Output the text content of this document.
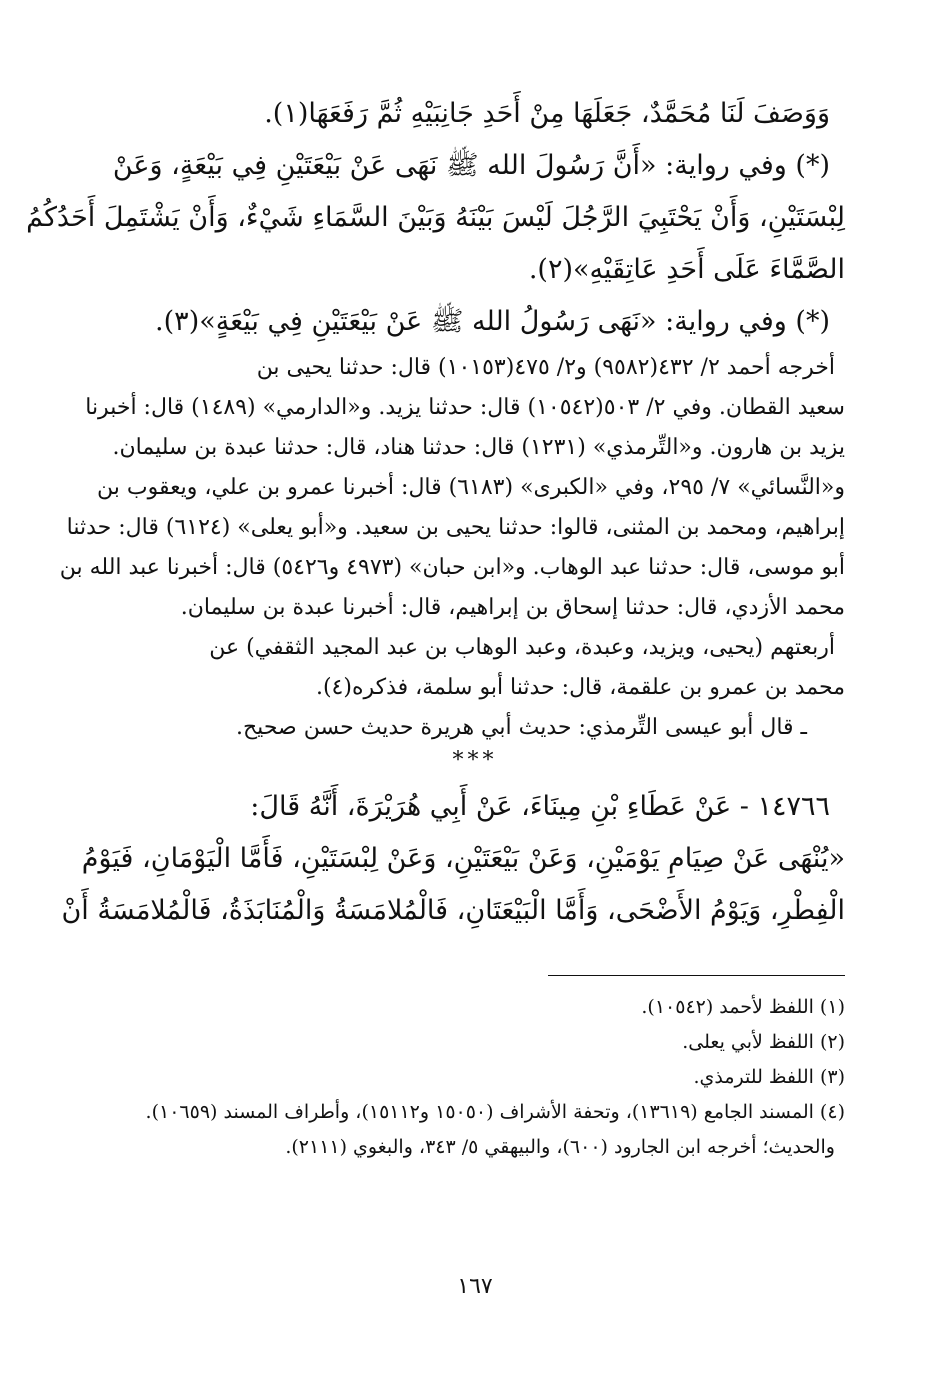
وَوَصَفَ لَنَا مُحَمَّدٌ، جَعَلَهَا مِنْ أَحَدِ جَانِبَيْهِ ثُمَّ رَفَعَهَا(١).

(*) وفي رواية: «أَنَّ رَسُولَ الله ﷺ نَهَى عَنْ بَيْعَتَيْنِ فِي بَيْعَةٍ، وَعَنْ

لِبْسَتَيْنِ، وَأَنْ يَحْتَبِيَ الرَّجُلَ لَيْسَ بَيْنَهُ وَبَيْنَ السَّمَاءِ شَيْءٌ، وَأَنْ يَشْتَمِلَ أَحَدُكُمُ

الصَّمَّاءَ عَلَى أَحَدِ عَاتِقَيْهِ»(٢).

(*) وفي رواية: «نَهَى رَسُولُ الله ﷺ عَنْ بَيْعَتَيْنِ فِي بَيْعَةٍ»(٣).

أخرجه أحمد ٢/ ٤٣٢(٩٥٨٢) و٢/ ٤٧٥(١٠١٥٣) قال: حدثنا يحيى بن

سعيد القطان. وفي ٢/ ٥٠٣(١٠٥٤٢) قال: حدثنا يزيد. و«الدارمي» (١٤٨٩) قال: أخبرنا

يزيد بن هارون. و«التِّرمذي» (١٢٣١) قال: حدثنا هناد، قال: حدثنا عبدة بن سليمان.

و«النَّسائي» ٧/ ٢٩٥، وفي «الكبرى» (٦١٨٣) قال: أخبرنا عمرو بن علي، ويعقوب بن

إبراهيم، ومحمد بن المثنى، قالوا: حدثنا يحيى بن سعيد. و«أبو يعلى» (٦١٢٤) قال: حدثنا

أبو موسى، قال: حدثنا عبد الوهاب. و«ابن حبان» (٤٩٧٣ و٥٤٢٦) قال: أخبرنا عبد الله بن

محمد الأزدي، قال: حدثنا إسحاق بن إبراهيم، قال: أخبرنا عبدة بن سليمان.

أربعتهم (يحيى، ويزيد، وعبدة، وعبد الوهاب بن عبد المجيد الثقفي) عن

محمد بن عمرو بن علقمة، قال: حدثنا أبو سلمة، فذكره(٤).

ـ قال أبو عيسى التِّرمذي: حديث أبي هريرة حديث حسن صحيح.

***

١٤٧٦٦ - عَنْ عَطَاءِ بْنِ مِينَاءَ، عَنْ أَبِي هُرَيْرَةَ، أَنَّهُ قَالَ:

«يُنْهَى عَنْ صِيَامِ يَوْمَيْنِ، وَعَنْ بَيْعَتَيْنِ، وَعَنْ لِبْسَتَيْنِ، فَأَمَّا الْيَوْمَانِ، فَيَوْمُ

الْفِطْرِ، وَيَوْمُ الأَضْحَى، وَأَمَّا الْبَيْعَتَانِ، فَالْمُلامَسَةُ وَالْمُنَابَذَةُ، فَالْمُلامَسَةُ أَنْ

(١) اللفظ لأحمد (١٠٥٤٢).

(٢) اللفظ لأبي يعلى.

(٣) اللفظ للترمذي.

(٤) المسند الجامع (١٣٦١٩)، وتحفة الأشراف (١٥٠٥٠ و١٥١١٢)، وأطراف المسند (١٠٦٥٩).

والحديث؛ أخرجه ابن الجارود (٦٠٠)، والبيهقي ٥/ ٣٤٣، والبغوي (٢١١١).

١٦٧
